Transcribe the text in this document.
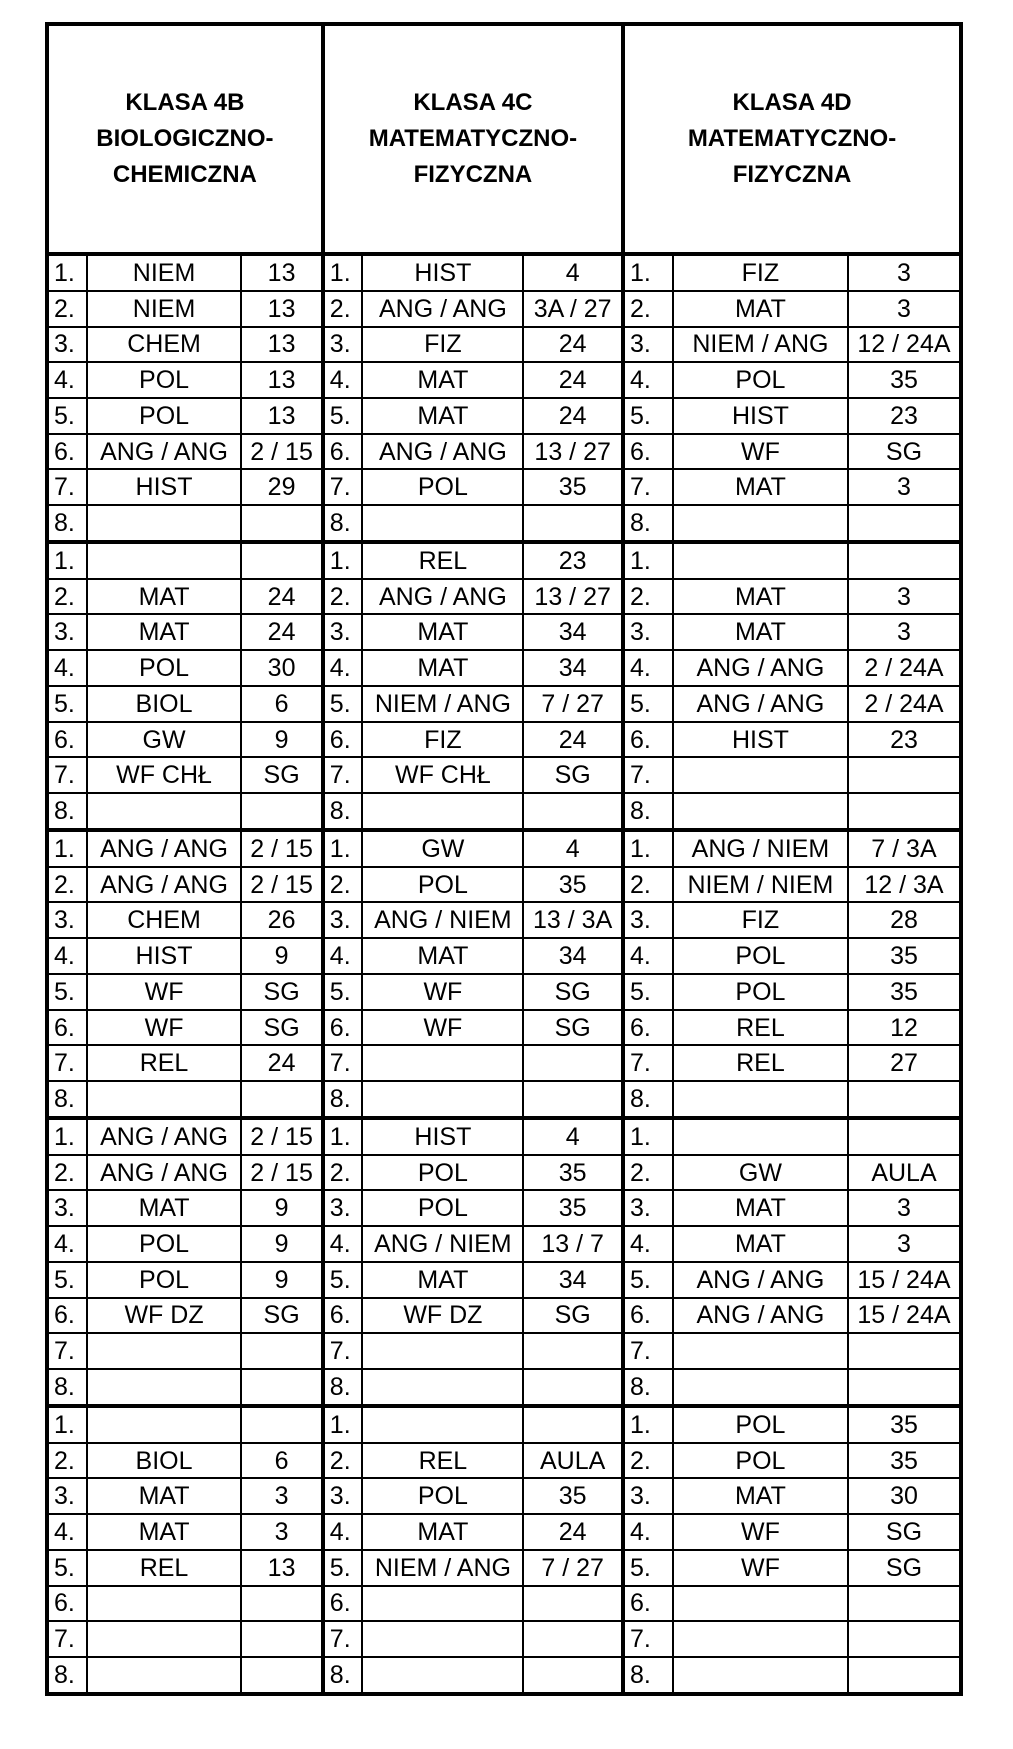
KLASA 4B
BIOLOGICZNO-
CHEMICZNA			KLASA 4C
MATEMATYCZNO-
FIZYCZNA			KLASA 4D
MATEMATYCZNO-
FIZYCZNA		

1.	NIEM	13	1.	HIST	4	1.	FIZ	3
2.	NIEM	13	2.	ANG / ANG	3A / 27	2.	MAT	3
3.	CHEM	13	3.	FIZ	24	3.	NIEM / ANG	12 / 24A
4.	POL	13	4.	MAT	24	4.	POL	35
5.	POL	13	5.	MAT	24	5.	HIST	23
6.	ANG / ANG	2 / 15	6.	ANG / ANG	13 / 27	6.	WF	SG
7.	HIST	29	7.	POL	35	7.	MAT	3
8.			8.			8.		
1.			1.	REL	23	1.		
2.	MAT	24	2.	ANG / ANG	13 / 27	2.	MAT	3
3.	MAT	24	3.	MAT	34	3.	MAT	3
4.	POL	30	4.	MAT	34	4.	ANG / ANG	2 / 24A
5.	BIOL	6	5.	NIEM / ANG	7 / 27	5.	ANG / ANG	2 / 24A
6.	GW	9	6.	FIZ	24	6.	HIST	23
7.	WF CHŁ	SG	7.	WF CHŁ	SG	7.		
8.			8.			8.		
1.	ANG / ANG	2 / 15	1.	GW	4	1.	ANG / NIEM	7 / 3A
2.	ANG / ANG	2 / 15	2.	POL	35	2.	NIEM / NIEM	12 / 3A
3.	CHEM	26	3.	ANG / NIEM	13 / 3A	3.	FIZ	28
4.	HIST	9	4.	MAT	34	4.	POL	35
5.	WF	SG	5.	WF	SG	5.	POL	35
6.	WF	SG	6.	WF	SG	6.	REL	12
7.	REL	24	7.			7.	REL	27
8.			8.			8.		
1.	ANG / ANG	2 / 15	1.	HIST	4	1.		
2.	ANG / ANG	2 / 15	2.	POL	35	2.	GW	AULA
3.	MAT	9	3.	POL	35	3.	MAT	3
4.	POL	9	4.	ANG / NIEM	13 / 7	4.	MAT	3
5.	POL	9	5.	MAT	34	5.	ANG / ANG	15 / 24A
6.	WF DZ	SG	6.	WF DZ	SG	6.	ANG / ANG	15 / 24A
7.			7.			7.		
8.			8.			8.		
1.			1.			1.	POL	35
2.	BIOL	6	2.	REL	AULA	2.	POL	35
3.	MAT	3	3.	POL	35	3.	MAT	30
4.	MAT	3	4.	MAT	24	4.	WF	SG
5.	REL	13	5.	NIEM / ANG	7 / 27	5.	WF	SG
6.			6.			6.		
7.			7.			7.		
8.			8.			8.		
